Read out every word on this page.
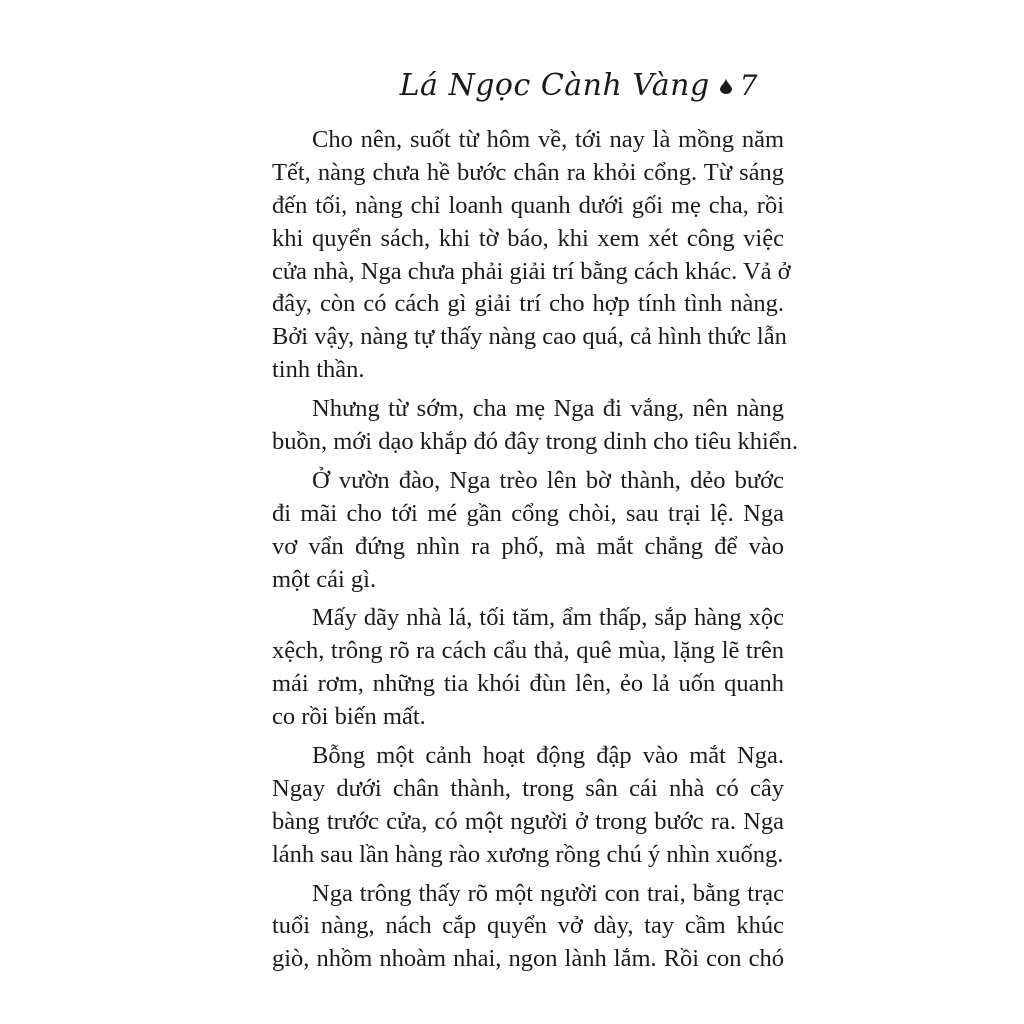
Lá Ngọc Cành Vàng 7
Cho nên, suốt từ hôm về, tới nay là mồng năm
Tết, nàng chưa hề bước chân ra khỏi cổng. Từ sáng
đến tối, nàng chỉ loanh quanh dưới gối mẹ cha, rồi
khi quyển sách, khi tờ báo, khi xem xét công việc
cửa nhà, Nga chưa phải giải trí bằng cách khác. Vả ở
đây, còn có cách gì giải trí cho hợp tính tình nàng.
Bởi vậy, nàng tự thấy nàng cao quá, cả hình thức lẫn
tinh thần.
Nhưng từ sớm, cha mẹ Nga đi vắng, nên nàng
buồn, mới dạo khắp đó đây trong dinh cho tiêu khiển.
Ở vườn đào, Nga trèo lên bờ thành, dẻo bước
đi mãi cho tới mé gần cổng chòi, sau trại lệ. Nga
vơ vẩn đứng nhìn ra phố, mà mắt chẳng để vào
một cái gì.
Mấy dãy nhà lá, tối tăm, ẩm thấp, sắp hàng xộc
xệch, trông rõ ra cách cẩu thả, quê mùa, lặng lẽ trên
mái rơm, những tia khói đùn lên, ẻo lả uốn quanh
co rồi biến mất.
Bỗng một cảnh hoạt động đập vào mắt Nga.
Ngay dưới chân thành, trong sân cái nhà có cây
bàng trước cửa, có một người ở trong bước ra. Nga
lánh sau lần hàng rào xương rồng chú ý nhìn xuống.
Nga trông thấy rõ một người con trai, bằng trạc
tuổi nàng, nách cắp quyển vở dày, tay cầm khúc
giò, nhồm nhoàm nhai, ngon lành lắm. Rồi con chó
